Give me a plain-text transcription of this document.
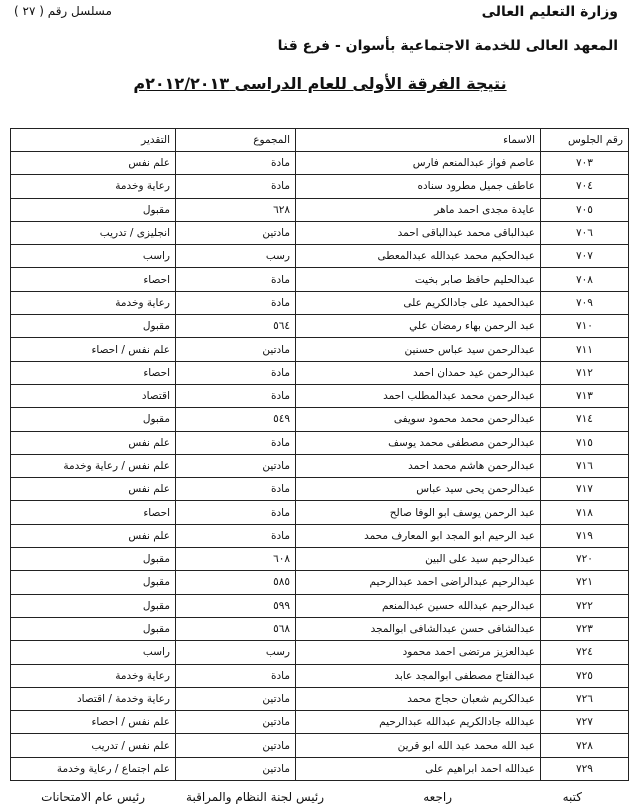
وزارة التعليم العالى
مسلسل رقم ( ٢٧ )
المعهد العالى للخدمة الاجتماعية بأسوان - فرع قنا
نتيجة الفرقة الأولى للعام الدراسى ٢٠١٢/٢٠١٣م
رقم الجلوس	الاسماء	المجموع	التقدير
٧٠٣	عاصم فواز عبدالمنعم فارس	مادة	علم نفس
٧٠٤	عاطف جميل مطرود سناده	مادة	رعاية وخدمة
٧٠٥	عايدة مجدى احمد ماهر	٦٢٨	مقبول
٧٠٦	عبدالباقى محمد عبدالباقى احمد	مادتين	انجليزى / تدريب
٧٠٧	عبدالحكيم محمد عبدالله عبدالمعطى	رسب	راسب
٧٠٨	عبدالحليم حافظ صابر بخيت	مادة	احصاء
٧٠٩	عبدالحميد على جادالكريم على	مادة	رعاية وخدمة
٧١٠	عبد الرحمن بهاء رمضان علي	٥٦٤	مقبول
٧١١	عبدالرحمن سيد عباس حسنين	مادتين	علم نفس / احصاء
٧١٢	عبدالرحمن عيد حمدان احمد	مادة	احصاء
٧١٣	عبدالرحمن محمد عبدالمطلب احمد	مادة	اقتصاد
٧١٤	عبدالرحمن محمد محمود سويفى	٥٤٩	مقبول
٧١٥	عبدالرحمن مصطفى محمد يوسف	مادة	علم نفس
٧١٦	عبدالرحمن هاشم محمد احمد	مادتين	علم نفس / رعاية وخدمة
٧١٧	عبدالرحمن يحى سيد عباس	مادة	علم نفس
٧١٨	عبد الرحمن يوسف ابو الوفا صالح	مادة	احصاء
٧١٩	عبد الرحيم ابو المجد ابو المعارف محمد	مادة	علم نفس
٧٢٠	عبدالرحيم سيد على البين	٦٠٨	مقبول
٧٢١	عبدالرحيم عبدالراضى احمد عبدالرحيم	٥٨٥	مقبول
٧٢٢	عبدالرحيم عبدالله حسين عبدالمنعم	٥٩٩	مقبول
٧٢٣	عبدالشافى حسن عبدالشافى ابوالمجد	٥٦٨	مقبول
٧٢٤	عبدالعزيز مرتضى احمد محمود	رسب	راسب
٧٢٥	عبدالفتاح مصطفى ابوالمجد عابد	مادة	رعاية وخدمة
٧٢٦	عبدالكريم شعبان حجاج محمد	مادتين	رعاية وخدمة / اقتصاد
٧٢٧	عبدالله جادالكريم عبدالله عبدالرحيم	مادتين	علم نفس / احصاء
٧٢٨	عبد الله محمد عبد الله ابو قرين	مادتين	علم نفس / تدريب
٧٢٩	عبدالله احمد ابراهيم على	مادتين	علم اجتماع / رعاية وخدمة
كتبه
راجعه
رئيس لجنة النظام والمراقبة
رئيس عام الامتحانات
